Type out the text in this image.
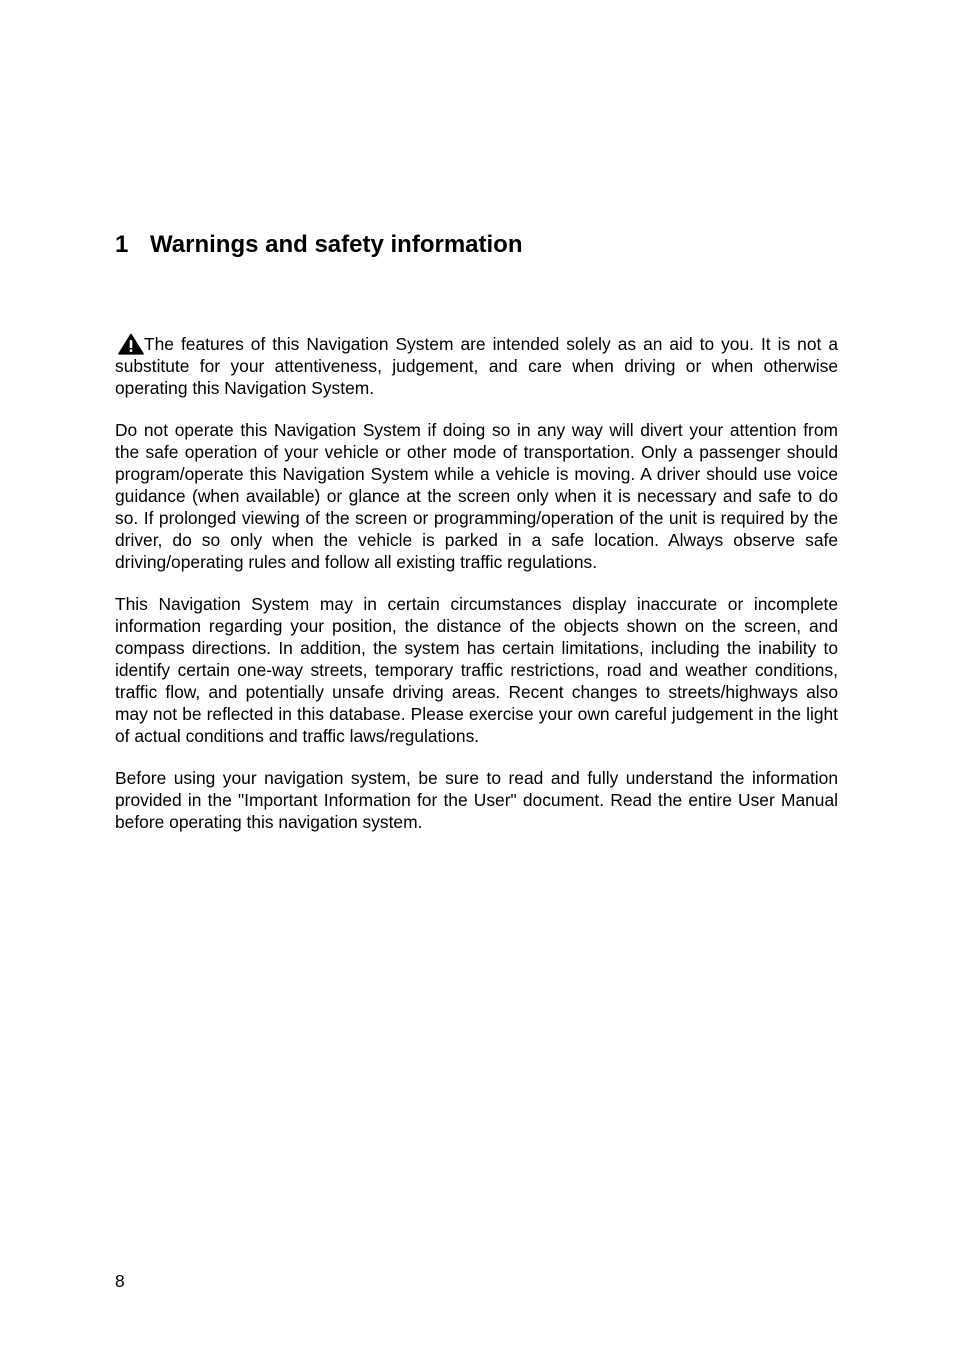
1 Warnings and safety information

The features of this Navigation System are intended solely as an aid to you. It is not a substitute for your attentiveness, judgement, and care when driving or when otherwise operating this Navigation System.

Do not operate this Navigation System if doing so in any way will divert your attention from the safe operation of your vehicle or other mode of transportation. Only a passenger should program/operate this Navigation System while a vehicle is moving. A driver should use voice guidance (when available) or glance at the screen only when it is necessary and safe to do so. If prolonged viewing of the screen or programming/operation of the unit is required by the driver, do so only when the vehicle is parked in a safe location. Always observe safe driving/operating rules and follow all existing traffic regulations.

This Navigation System may in certain circumstances display inaccurate or incomplete information regarding your position, the distance of the objects shown on the screen, and compass directions. In addition, the system has certain limitations, including the inability to identify certain one-way streets, temporary traffic restrictions, road and weather conditions, traffic flow, and potentially unsafe driving areas. Recent changes to streets/highways also may not be reflected in this database. Please exercise your own careful judgement in the light of actual conditions and traffic laws/regulations.

Before using your navigation system, be sure to read and fully understand the information provided in the "Important Information for the User" document. Read the entire User Manual before operating this navigation system.

8
